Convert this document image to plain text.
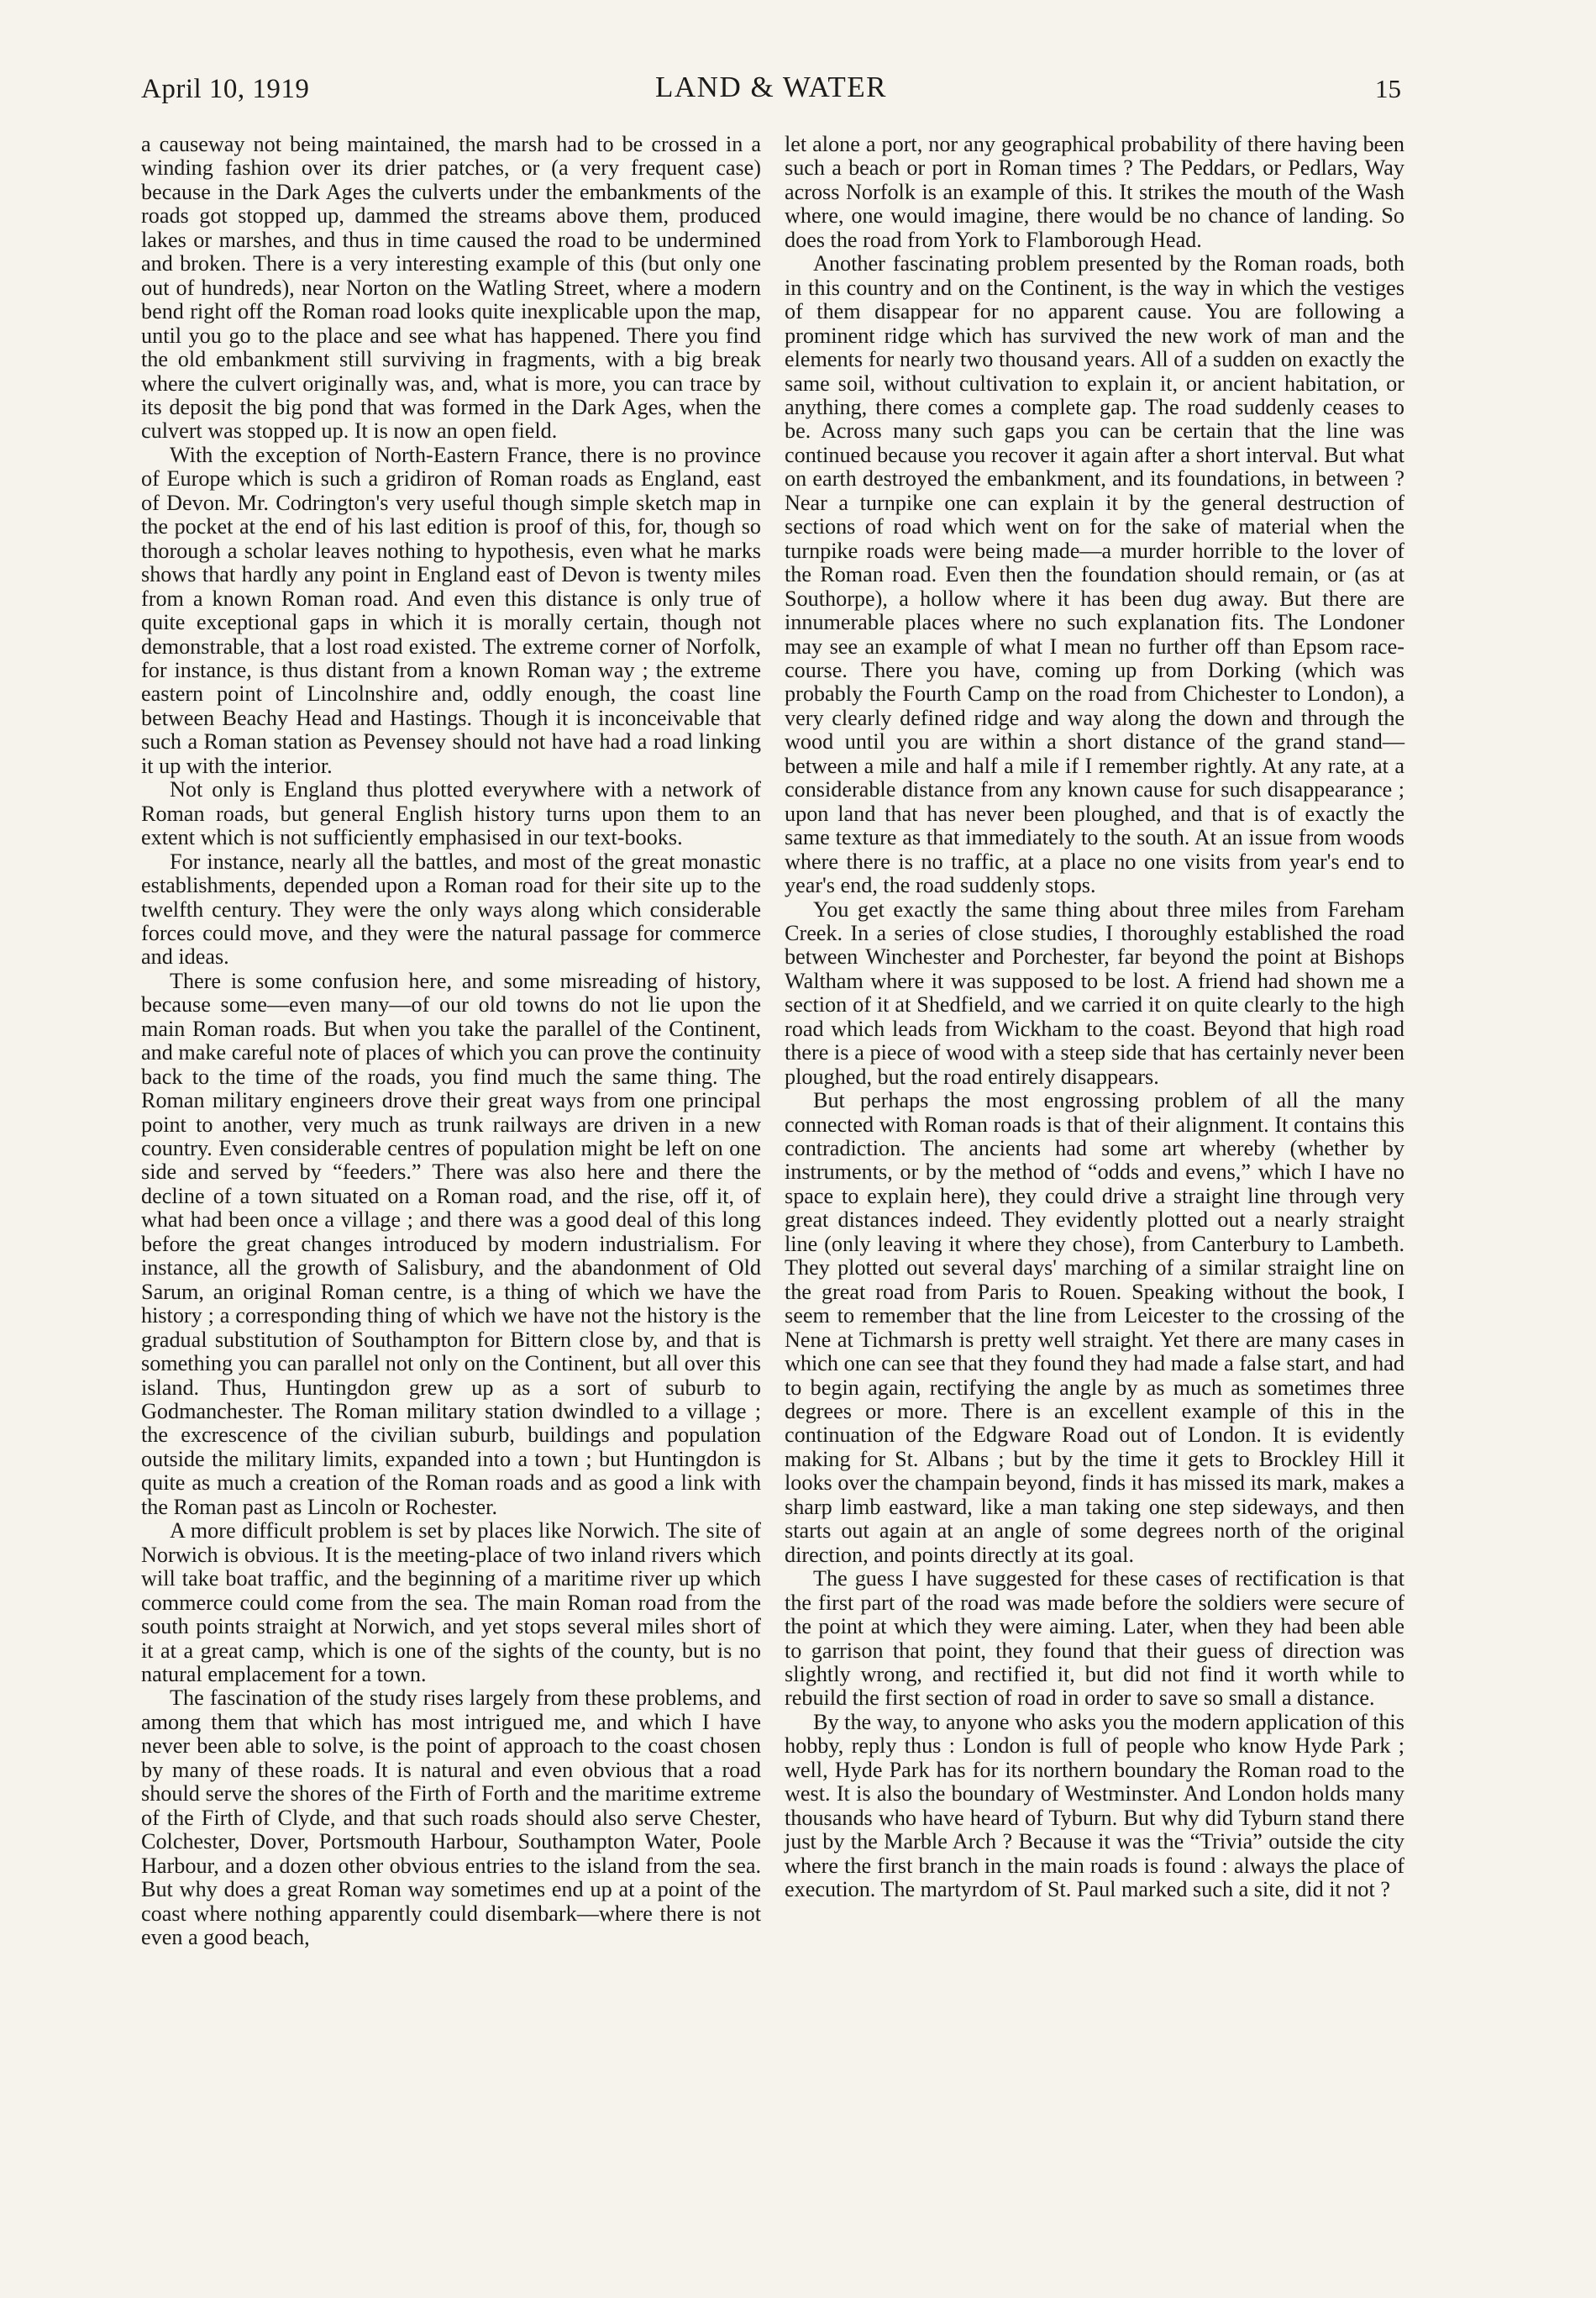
April 10, 1919	LAND & WATER	15

a causeway not being maintained, the marsh had to be crossed in a winding fashion over its drier patches, or (a very frequent case) because in the Dark Ages the culverts under the embankments of the roads got stopped up, dammed the streams above them, produced lakes or marshes, and thus in time caused the road to be undermined and broken. There is a very interesting example of this (but only one out of hundreds), near Norton on the Watling Street, where a modern bend right off the Roman road looks quite inexplicable upon the map, until you go to the place and see what has happened. There you find the old embankment still surviving in fragments, with a big break where the culvert originally was, and, what is more, you can trace by its deposit the big pond that was formed in the Dark Ages, when the culvert was stopped up. It is now an open field.

With the exception of North-Eastern France, there is no province of Europe which is such a gridiron of Roman roads as England, east of Devon. Mr. Codrington's very useful though simple sketch map in the pocket at the end of his last edition is proof of this, for, though so thorough a scholar leaves nothing to hypothesis, even what he marks shows that hardly any point in England east of Devon is twenty miles from a known Roman road. And even this distance is only true of quite exceptional gaps in which it is morally certain, though not demonstrable, that a lost road existed. The extreme corner of Norfolk, for instance, is thus distant from a known Roman way ; the extreme eastern point of Lincolnshire and, oddly enough, the coast line between Beachy Head and Hastings. Though it is inconceivable that such a Roman station as Pevensey should not have had a road linking it up with the interior.

Not only is England thus plotted everywhere with a network of Roman roads, but general English history turns upon them to an extent which is not sufficiently emphasised in our text-books.

For instance, nearly all the battles, and most of the great monastic establishments, depended upon a Roman road for their site up to the twelfth century. They were the only ways along which considerable forces could move, and they were the natural passage for commerce and ideas.

There is some confusion here, and some misreading of history, because some—even many—of our old towns do not lie upon the main Roman roads. But when you take the parallel of the Continent, and make careful note of places of which you can prove the continuity back to the time of the roads, you find much the same thing. The Roman military engineers drove their great ways from one principal point to another, very much as trunk railways are driven in a new country. Even considerable centres of population might be left on one side and served by “feeders.” There was also here and there the decline of a town situated on a Roman road, and the rise, off it, of what had been once a village ; and there was a good deal of this long before the great changes introduced by modern industrialism. For instance, all the growth of Salisbury, and the abandonment of Old Sarum, an original Roman centre, is a thing of which we have the history ; a corresponding thing of which we have not the history is the gradual substitution of Southampton for Bittern close by, and that is something you can parallel not only on the Continent, but all over this island. Thus, Huntingdon grew up as a sort of suburb to Godmanchester. The Roman military station dwindled to a village ; the excrescence of the civilian suburb, buildings and population outside the military limits, expanded into a town ; but Huntingdon is quite as much a creation of the Roman roads and as good a link with the Roman past as Lincoln or Rochester.

A more difficult problem is set by places like Norwich. The site of Norwich is obvious. It is the meeting-place of two inland rivers which will take boat traffic, and the beginning of a maritime river up which commerce could come from the sea. The main Roman road from the south points straight at Norwich, and yet stops several miles short of it at a great camp, which is one of the sights of the county, but is no natural emplacement for a town.

The fascination of the study rises largely from these problems, and among them that which has most intrigued me, and which I have never been able to solve, is the point of approach to the coast chosen by many of these roads. It is natural and even obvious that a road should serve the shores of the Firth of Forth and the maritime extreme of the Firth of Clyde, and that such roads should also serve Chester, Colchester, Dover, Portsmouth Harbour, Southampton Water, Poole Harbour, and a dozen other obvious entries to the island from the sea. But why does a great Roman way sometimes end up at a point of the coast where nothing apparently could disembark—where there is not even a good beach,

let alone a port, nor any geographical probability of there having been such a beach or port in Roman times ? The Peddars, or Pedlars, Way across Norfolk is an example of this. It strikes the mouth of the Wash where, one would imagine, there would be no chance of landing. So does the road from York to Flamborough Head.

Another fascinating problem presented by the Roman roads, both in this country and on the Continent, is the way in which the vestiges of them disappear for no apparent cause. You are following a prominent ridge which has survived the new work of man and the elements for nearly two thousand years. All of a sudden on exactly the same soil, without cultivation to explain it, or ancient habitation, or anything, there comes a complete gap. The road suddenly ceases to be. Across many such gaps you can be certain that the line was continued because you recover it again after a short interval. But what on earth destroyed the embankment, and its foundations, in between ? Near a turnpike one can explain it by the general destruction of sections of road which went on for the sake of material when the turnpike roads were being made—a murder horrible to the lover of the Roman road. Even then the foundation should remain, or (as at Southorpe), a hollow where it has been dug away. But there are innumerable places where no such explanation fits. The Londoner may see an example of what I mean no further off than Epsom race-course. There you have, coming up from Dorking (which was probably the Fourth Camp on the road from Chichester to London), a very clearly defined ridge and way along the down and through the wood until you are within a short distance of the grand stand—between a mile and half a mile if I remember rightly. At any rate, at a considerable distance from any known cause for such disappearance ; upon land that has never been ploughed, and that is of exactly the same texture as that immediately to the south. At an issue from woods where there is no traffic, at a place no one visits from year's end to year's end, the road suddenly stops.

You get exactly the same thing about three miles from Fareham Creek. In a series of close studies, I thoroughly established the road between Winchester and Porchester, far beyond the point at Bishops Waltham where it was supposed to be lost. A friend had shown me a section of it at Shedfield, and we carried it on quite clearly to the high road which leads from Wickham to the coast. Beyond that high road there is a piece of wood with a steep side that has certainly never been ploughed, but the road entirely disappears.

But perhaps the most engrossing problem of all the many connected with Roman roads is that of their alignment. It contains this contradiction. The ancients had some art whereby (whether by instruments, or by the method of “odds and evens,” which I have no space to explain here), they could drive a straight line through very great distances indeed. They evidently plotted out a nearly straight line (only leaving it where they chose), from Canterbury to Lambeth. They plotted out several days' marching of a similar straight line on the great road from Paris to Rouen. Speaking without the book, I seem to remember that the line from Leicester to the crossing of the Nene at Tichmarsh is pretty well straight. Yet there are many cases in which one can see that they found they had made a false start, and had to begin again, rectifying the angle by as much as sometimes three degrees or more. There is an excellent example of this in the continuation of the Edgware Road out of London. It is evidently making for St. Albans ; but by the time it gets to Brockley Hill it looks over the champain beyond, finds it has missed its mark, makes a sharp limb eastward, like a man taking one step sideways, and then starts out again at an angle of some degrees north of the original direction, and points directly at its goal.

The guess I have suggested for these cases of rectification is that the first part of the road was made before the soldiers were secure of the point at which they were aiming. Later, when they had been able to garrison that point, they found that their guess of direction was slightly wrong, and rectified it, but did not find it worth while to rebuild the first section of road in order to save so small a distance.

By the way, to anyone who asks you the modern application of this hobby, reply thus : London is full of people who know Hyde Park ; well, Hyde Park has for its northern boundary the Roman road to the west. It is also the boundary of Westminster. And London holds many thousands who have heard of Tyburn. But why did Tyburn stand there just by the Marble Arch ? Because it was the “Trivia” outside the city where the first branch in the main roads is found : always the place of execution. The martyrdom of St. Paul marked such a site, did it not ?
